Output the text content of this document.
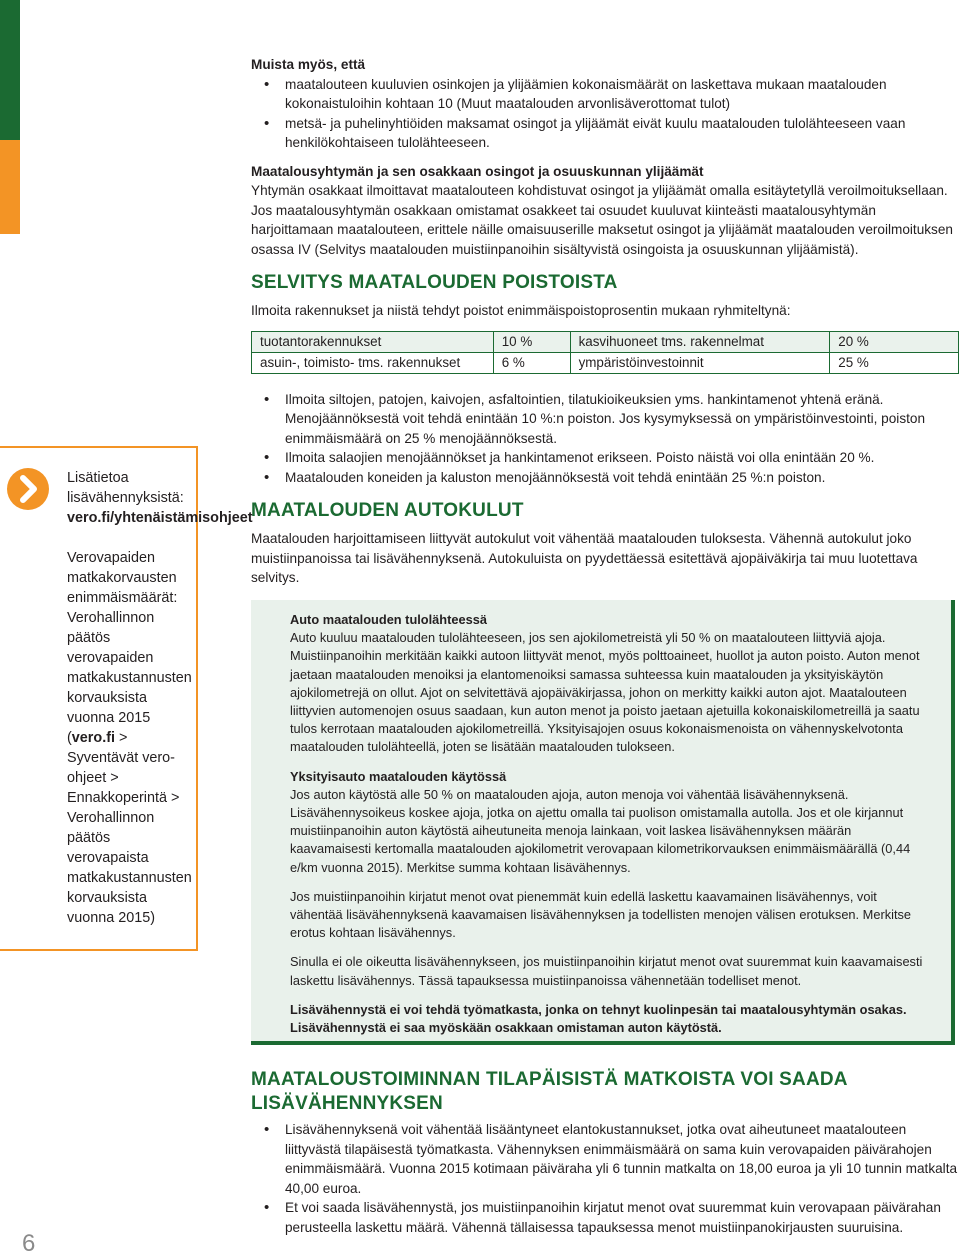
Muista myös, että

• maatalouteen kuuluvien osinkojen ja ylijäämien kokonaismäärät on laskettava mukaan maatalouden kokonaistuloihin kohtaan 10 (Muut maatalouden arvonlisäverottomat tulot)
• metsä- ja puhelinyhtiöiden maksamat osingot ja ylijäämät eivät kuulu maatalouden tulolähteeseen vaan henkilökohtaiseen tulolähteeseen.

Maatalousyhtymän ja sen osakkaan osingot ja osuuskunnan ylijäämät

Yhtymän osakkaat ilmoittavat maatalouteen kohdistuvat osingot ja ylijäämät omalla esitäytetyllä veroilmoituksellaan. Jos maatalousyhtymän osakkaan omistamat osakkeet tai osuudet kuuluvat kiinteästi maatalousyhtymän harjoittamaan maatalouteen, erittele näille omaisuuserille maksetut osingot ja ylijäämät maatalouden veroilmoituksen osassa IV (Selvitys maatalouden muistiinpanoihin sisältyvistä osingoista ja osuuskunnan ylijäämistä).

SELVITYS MAATALOUDEN POISTOISTA

Ilmoita rakennukset ja niistä tehdyt poistot enimmäispoistoprosentin mukaan ryhmiteltynä:

tuotantorakennukset	10 %	kasvihuoneet tms. rakennelmat	20 %
asuin-, toimisto- tms. rakennukset	6 %	ympäristöinvestoinnit	25 %
• Ilmoita siltojen, patojen, kaivojen, asfaltointien, tilatukioikeuksien yms. hankintamenot yhtenä eränä. Menojäännöksestä voit tehdä enintään 10 %:n poiston. Jos kysymyksessä on ympäristöinvestointi, poiston enimmäismäärä on 25 % menojäännöksestä.
• Ilmoita salaojien menojäännökset ja hankintamenot erikseen. Poisto näistä voi olla enintään 20 %.
• Maatalouden koneiden ja kaluston menojäännöksestä voit tehdä enintään 25 %:n poiston.
MAATALOUDEN AUTOKULUT

Maatalouden harjoittamiseen liittyvät autokulut voit vähentää maatalouden tuloksesta. Vähennä autokulut joko muistiinpanoissa tai lisävähennyksenä. Autokuluista on pyydettäessä esitettävä ajopäiväkirja tai muu luotettava selvitys.

Auto maatalouden tulolähteessä

Auto kuuluu maatalouden tulolähteeseen, jos sen ajokilometreistä yli 50 % on maatalouteen liittyviä ajoja. Muistiinpanoihin merkitään kaikki autoon liittyvät menot, myös polttoaineet, huollot ja auton poisto. Auton menot jaetaan maatalouden menoiksi ja elantomenoiksi samassa suhteessa kuin maatalouden ja yksityiskäytön ajokilometrejä on ollut. Ajot on selvitettävä ajopäiväkirjassa, johon on merkitty kaikki auton ajot. Maatalouteen liittyvien automenojen osuus saadaan, kun auton menot ja poisto jaetaan ajetuilla kokonaiskilometreillä ja saatu tulos kerrotaan maatalouden ajokilometreillä. Yksityisajojen osuus kokonaismenoista on vähennyskelvotonta maatalouden tulolähteellä, joten se lisätään maatalouden tulokseen.

Yksityisauto maatalouden käytössä

Jos auton käytöstä alle 50 % on maatalouden ajoja, auton menoja voi vähentää lisävähennyksenä. Lisävähennysoikeus koskee ajoja, jotka on ajettu omalla tai puolison omistamalla autolla. Jos et ole kirjannut muistiinpanoihin auton käytöstä aiheutuneita menoja lainkaan, voit laskea lisävähennyksen määrän kaavamaisesti kertomalla maatalouden ajokilometrit verovapaan kilometrikorvauksen enimmäismäärällä (0,44 e/km vuonna 2015). Merkitse summa kohtaan lisävähennys.

Jos muistiinpanoihin kirjatut menot ovat pienemmät kuin edellä laskettu kaavamainen lisävähennys, voit vähentää lisävähennyksenä kaavamaisen lisävähennyksen ja todellisten menojen välisen erotuksen. Merkitse erotus kohtaan lisävähennys.

Sinulla ei ole oikeutta lisävähennykseen, jos muistiinpanoihin kirjatut menot ovat suuremmat kuin kaavamaisesti laskettu lisävähennys. Tässä tapauksessa muistiinpanoissa vähennetään todelliset menot.

Lisävähennystä ei voi tehdä työmatkasta, jonka on tehnyt kuolinpesän tai maatalousyhtymän osakas. Lisävähennystä ei saa myöskään osakkaan omistaman auton käytöstä.

MAATALOUSTOIMINNAN TILAPÄISISTÄ MATKOISTA VOI SAADA LISÄVÄHENNYKSEN
• Lisävähennyksenä voit vähentää lisääntyneet elantokustannukset, jotka ovat aiheutuneet maatalouteen liittyvästä tilapäisestä työmatkasta. Vähennyksen enimmäismäärä on sama kuin verovapaiden päivärahojen enimmäismäärä. Vuonna 2015 kotimaan päiväraha yli 6 tunnin matkalta on 18,00 euroa ja yli 10 tunnin matkalta 40,00 euroa.
• Et voi saada lisävähennystä, jos muistiinpanoihin kirjatut menot ovat suuremmat kuin verovapaan päivärahan perusteella laskettu määrä. Vähennä tällaisessa tapauksessa menot muistiinpanokirjausten suuruisina.

Lisätietoa lisävähennyksistä: vero.fi/yhtenäistämisohjeet

Verovapaiden matkakorvausten enimmäismäärät: Verohallinnon päätös verovapaiden matkakustannusten korvauksista vuonna 2015 (vero.fi > Syventävät vero-ohjeet > Ennakkoperintä > Verohallinnon päätös verovapaista matkakustannusten korvauksista vuonna 2015)

6
